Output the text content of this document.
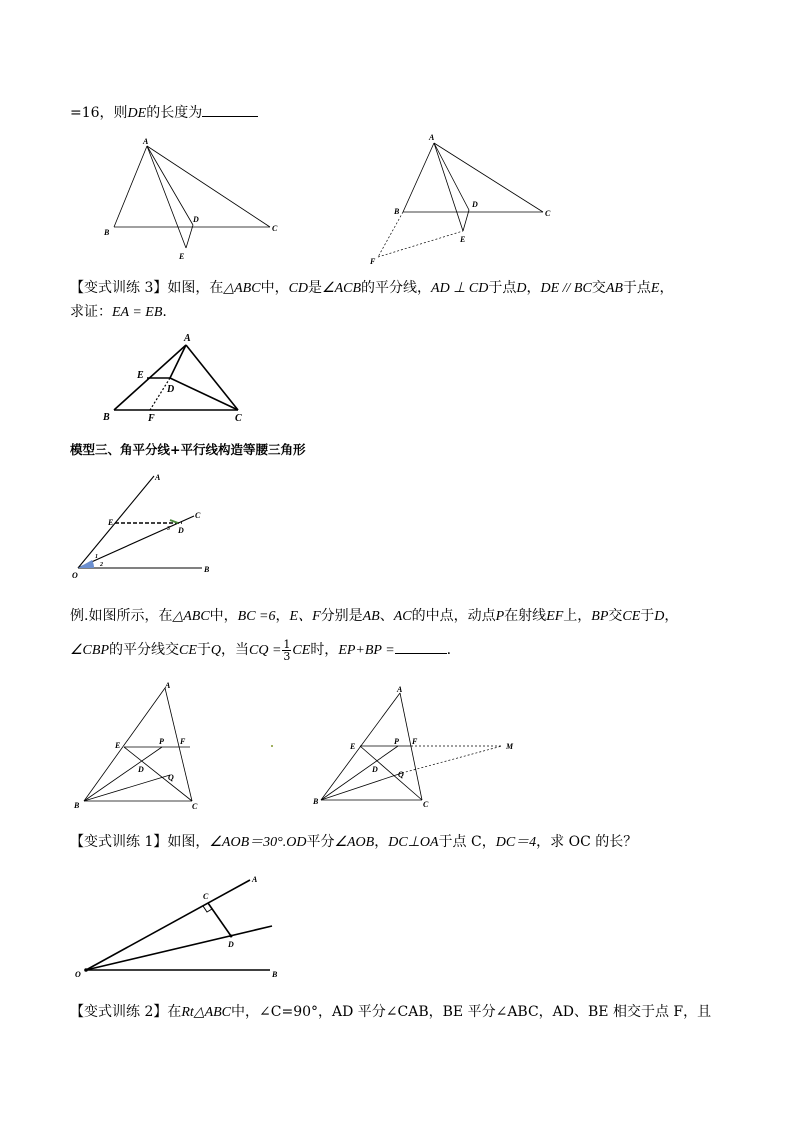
=16，则DE的长度为
A
B	C
D
E
A
B	C
D
E
F
【变式训练 3】如图，在△ABC中，CD是∠ACB的平分线，AD ⊥ CD于点D，DE // BC交AB于点E，
求证：EA = EB.
A
B	C
D
E
F
模型三、角平分线+平行线构造等腰三角形
A
C
E
D
B
O
1
2
3
例.如图所示，在△ABC中，BC =6，E、F分别是AB、AC的中点，动点P在射线EF上，BP交CE于D，
∠CBP的平分线交CE于Q，当CQ = $\frac{1}{3}$ CE时，EP+BP =	.
A
E	P F
D
Q
B	C
A
E
P F
M
D
Q
B	C
【变式训练 1】如图，∠AOB＝30°.OD平分∠AOB，DC⊥OA于点 C，DC＝4，求 OC 的长？
A
C
D
O	B
【变式训练 2】在Rt△ABC中，∠C=90°，AD 平分∠CAB，BE 平分∠ABC，AD、BE 相交于点 F，且
